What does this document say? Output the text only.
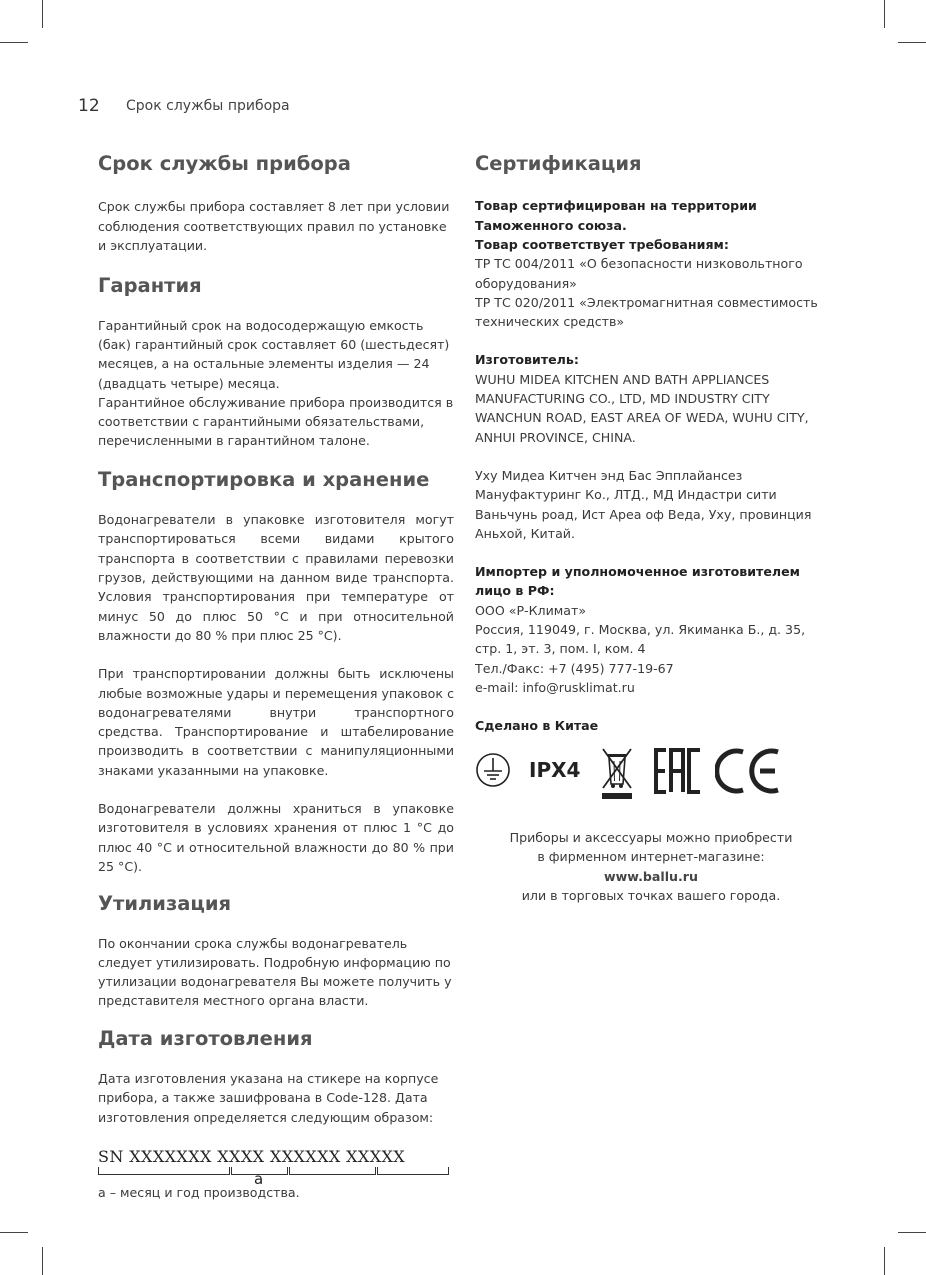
12 Срок службы прибора
Срок службы прибора

Срок службы прибора составляет 8 лет при условии соблюдения соответствующих правил по установке и эксплуатации.

Гарантия

Гарантийный срок на водосодержащую емкость (бак) гарантийный срок составляет 60 (шестьдесят) месяцев, а на остальные элементы изделия — 24 (двадцать четыре) месяца.

Гарантийное обслуживание прибора производится в соответствии с гарантийными обязательствами, перечисленными в гарантийном талоне.

Транспортировка и хранение

Водонагреватели в упаковке изготовителя могут транспортироваться всеми видами крытого транспорта в соответствии с правилами перевозки грузов, действующими на данном виде транспорта. Условия транспортирования при температуре от минус 50 до плюс 50 °С и при относительной влажности до 80 % при плюс 25 °С).

При транспортировании должны быть исключены любые возможные удары и перемещения упаковок с водонагревателями внутри транспортного средства. Транспортирование и штабелирование производить в соответствии с манипуляционными знаками указанными на упаковке.

Водонагреватели должны храниться в упаковке изготовителя в условиях хранения от плюс 1 °С до плюс 40 °С и относительной влажности до 80 % при 25 °С).

Утилизация

По окончании срока службы водонагреватель следует утилизировать. Подробную информацию по утилизации водонагревателя Вы можете получить у представителя местного органа власти.

Дата изготовления

Дата изготовления указана на стикере на корпусе прибора, а также зашифрована в Code-128. Дата изготовления определяется следующим образом:

SN XXXXXXX XXXX XXXXXX XXXXX
a

а – месяц и год производства.

Сертификация

Товар сертифицирован на территории Таможенного союза.

Товар соответствует требованиям:

ТР ТС 004/2011 «О безопасности низковольтного оборудования»

ТР ТС 020/2011 «Электромагнитная совместимость технических средств»

Изготовитель:

WUHU MIDEA KITCHEN AND BATH APPLIANCES MANUFACTURING CO., LTD, MD INDUSTRY CITY WANCHUN ROAD, EAST AREA OF WEDA, WUHU CITY, ANHUI PROVINCE, CHINA.

Уху Мидеа Китчен энд Бас Эпплайансез Мануфактуринг Ко., ЛТД., МД Индастри сити Ваньчунь роад, Ист Ареа оф Веда, Уху, провинция Аньхой, Китай.

Импортер и уполномоченное изготовителем лицо в РФ:

ООО «Р-Климат»

Россия, 119049, г. Москва, ул. Якиманка Б., д. 35, стр. 1, эт. 3, пом. I, ком. 4

Тел./Факс: +7 (495) 777-19-67

e-mail: info@rusklimat.ru

Сделано в Китае

IPX4

Приборы и аксессуары можно приобрести

в фирменном интернет-магазине:

www.ballu.ru

или в торговых точках вашего города.
